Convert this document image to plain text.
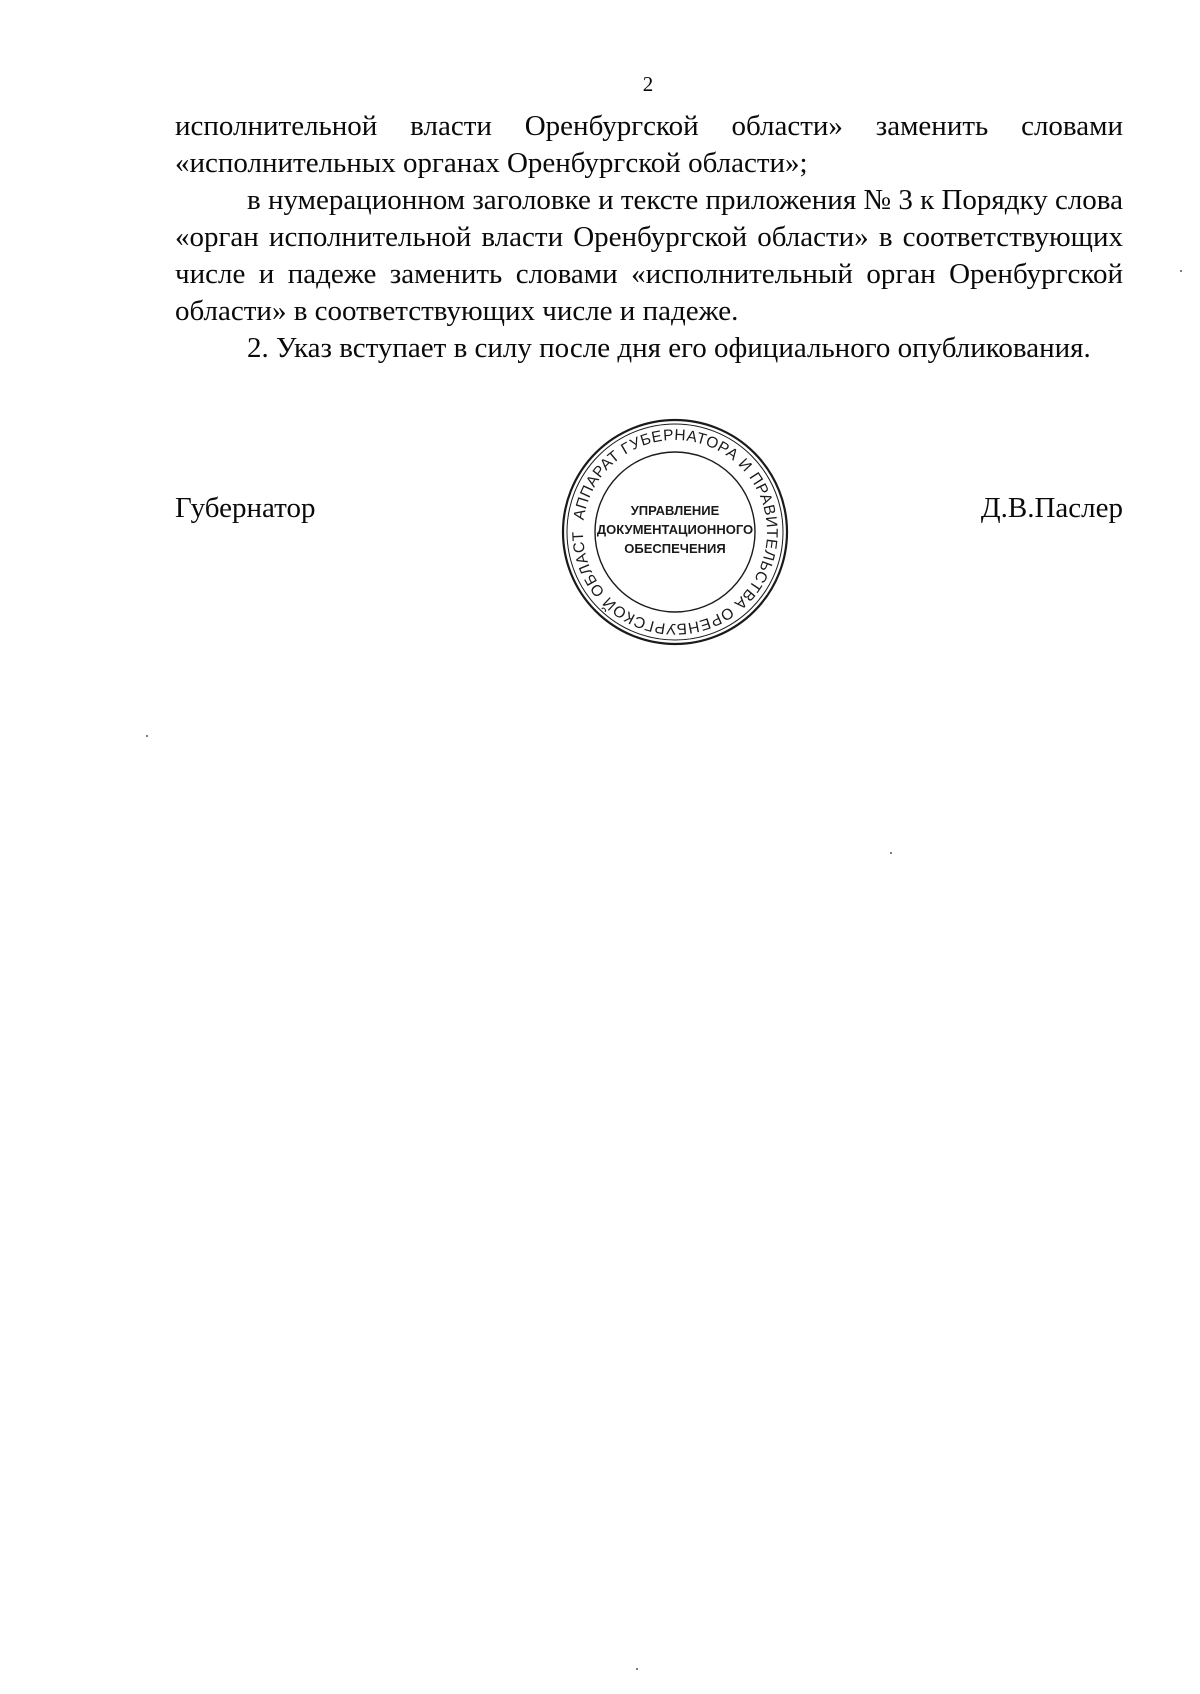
2

исполнительной власти Оренбургской области» заменить словами

«исполнительных органах Оренбургской области»;

в нумерационном заголовке и тексте приложения № 3 к Порядку слова «орган исполнительной власти Оренбургской области» в соответствующих числе и падеже заменить словами «исполнительный орган Оренбургской области» в соответствующих числе и падеже.

2. Указ вступает в силу после дня его официального опубликования.

Губернатор	Д.В.Паслер
АППАРАТ ГУБЕРНАТОРА И ПРАВИТЕЛЬСТВА ОРЕНБУРГСКОЙ ОБЛАСТ
УПРАВЛЕНИЕ
ДОКУМЕНТАЦИОННОГО
ОБЕСПЕЧЕНИЯ
